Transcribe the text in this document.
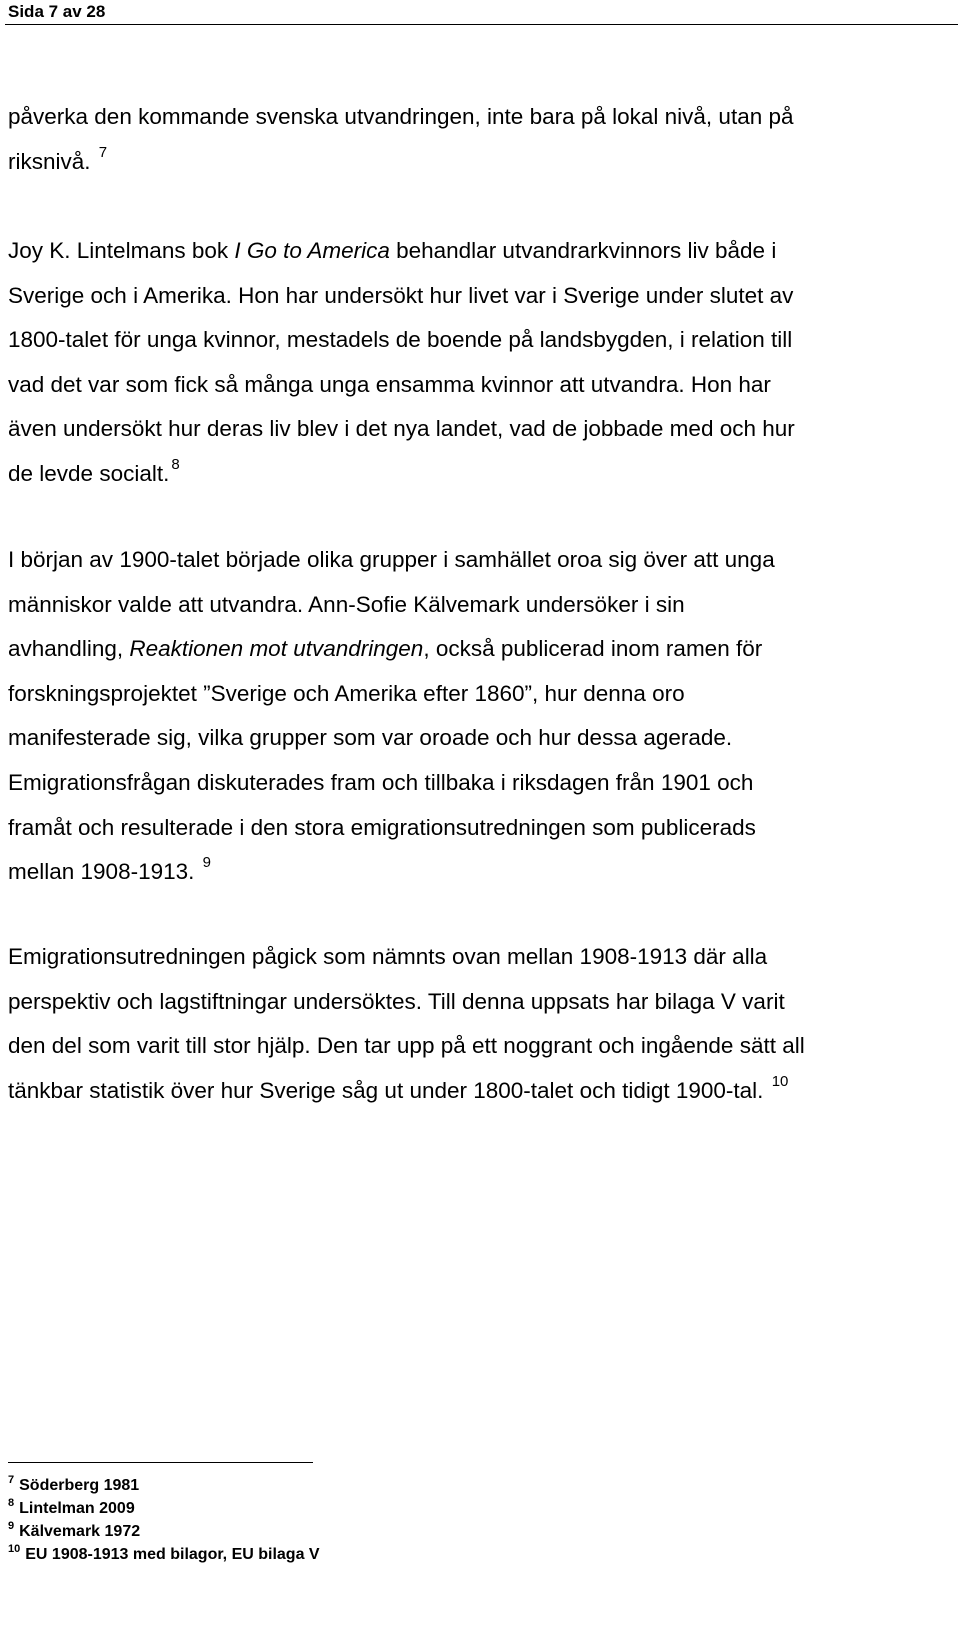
Sida 7 av 28

påverka den kommande svenska utvandringen, inte bara på lokal nivå, utan på
riksnivå. $^7$

Joy K. Lintelmans bok I Go to America behandlar utvandrarkvinnors liv både i
Sverige och i Amerika. Hon har undersökt hur livet var i Sverige under slutet av
1800-talet för unga kvinnor, mestadels de boende på landsbygden, i relation till
vad det var som fick så många unga ensamma kvinnor att utvandra. Hon har
även undersökt hur deras liv blev i det nya landet, vad de jobbade med och hur
de levde socialt. $^8$

I början av 1900-talet började olika grupper i samhället oroa sig över att unga
människor valde att utvandra. Ann-Sofie Kälvemark undersöker i sin
avhandling, Reaktionen mot utvandringen, också publicerad inom ramen för
forskningsprojektet ”Sverige och Amerika efter 1860”, hur denna oro
manifesterade sig, vilka grupper som var oroade och hur dessa agerade.
Emigrationsfrågan diskuterades fram och tillbaka i riksdagen från 1901 och
framåt och resulterade i den stora emigrationsutredningen som publicerads
mellan 1908-1913. $^9$

Emigrationsutredningen pågick som nämnts ovan mellan 1908-1913 där alla
perspektiv och lagstiftningar undersöktes. Till denna uppsats har bilaga V varit
den del som varit till stor hjälp. Den tar upp på ett noggrant och ingående sätt all
tänkbar statistik över hur Sverige såg ut under 1800-talet och tidigt 1900-tal. $^{10}$

$^7$ Söderberg 1981
$^8$ Lintelman 2009
$^9$ Kälvemark 1972
$^{10}$ EU 1908-1913 med bilagor, EU bilaga V
